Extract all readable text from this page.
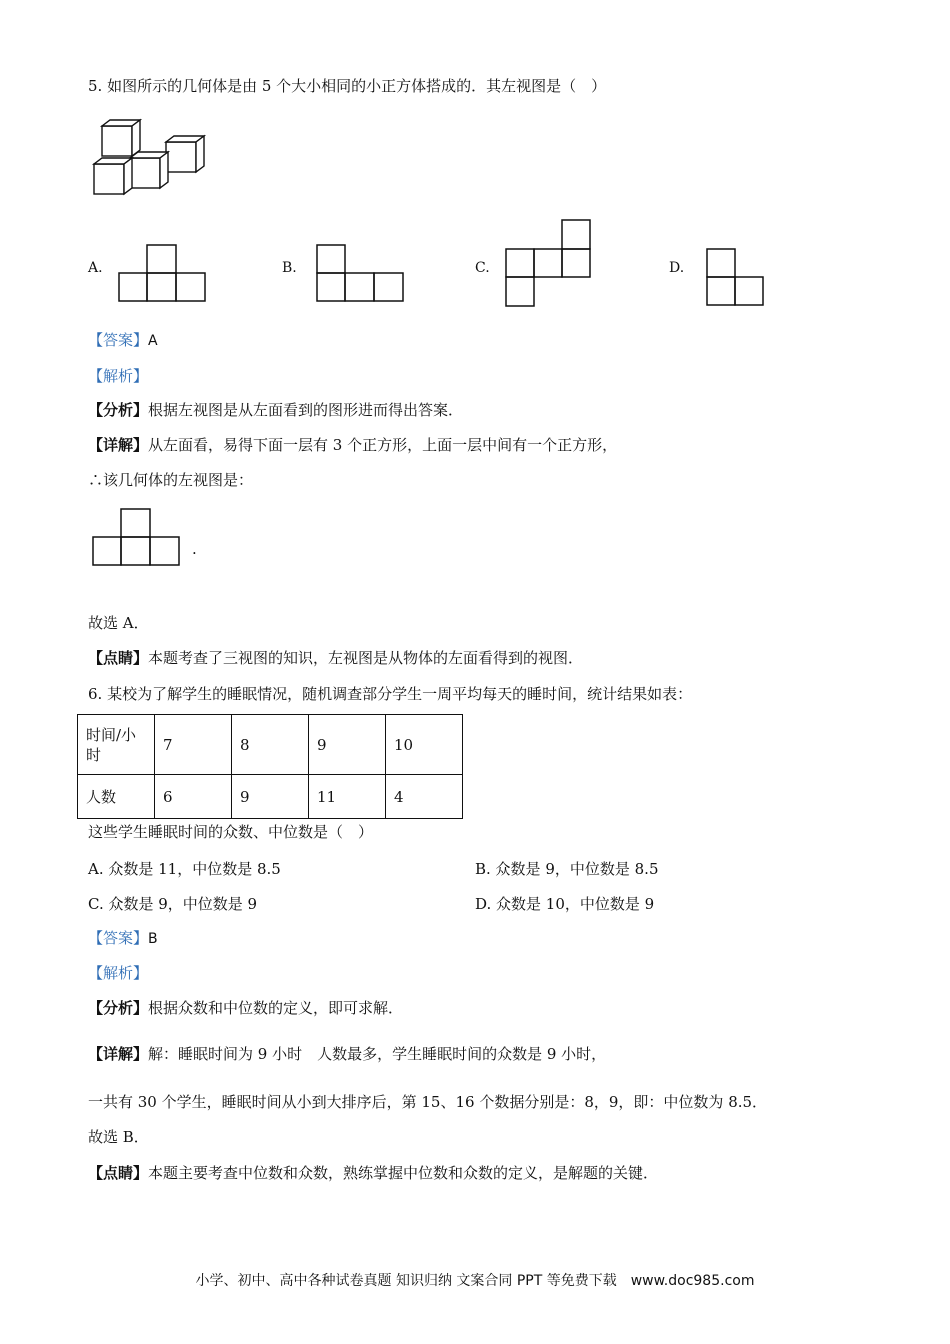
5. 如图所示的几何体是由 5 个大小相同的小正方体搭成的．其左视图是（　）
A.	B.	C.	D.
【答案】A
【解析】
【分析】根据左视图是从左面看到的图形进而得出答案．
【详解】从左面看，易得下面一层有 3 个正方形，上面一层中间有一个正方形，
∴该几何体的左视图是：
.
故选 A．
【点睛】本题考查了三视图的知识，左视图是从物体的左面看得到的视图．
6. 某校为了解学生的睡眠情况，随机调查部分学生一周平均每天的睡时间，统计结果如表：
时间/小
时	7	8	9	10
人数	6	9	11	4
这些学生睡眠时间的众数、中位数是（　）
A. 众数是 11，中位数是 8.5	B. 众数是 9，中位数是 8.5
C. 众数是 9，中位数是 9	D. 众数是 10，中位数是 9
【答案】B
【解析】
【分析】根据众数和中位数的定义，即可求解．
【详解】解：睡眠时间为 9 小时　人数最多，学生睡眠时间的众数是 9 小时，
一共有 30 个学生，睡眠时间从小到大排序后，第 15、16 个数据分别是：8，9，即：中位数为 8.5．
故选 B．
【点睛】本题主要考查中位数和众数，熟练掌握中位数和众数的定义，是解题的关键．
小学、初中、高中各种试卷真题 知识归纳 文案合同 PPT 等免费下载　www.doc985.com
